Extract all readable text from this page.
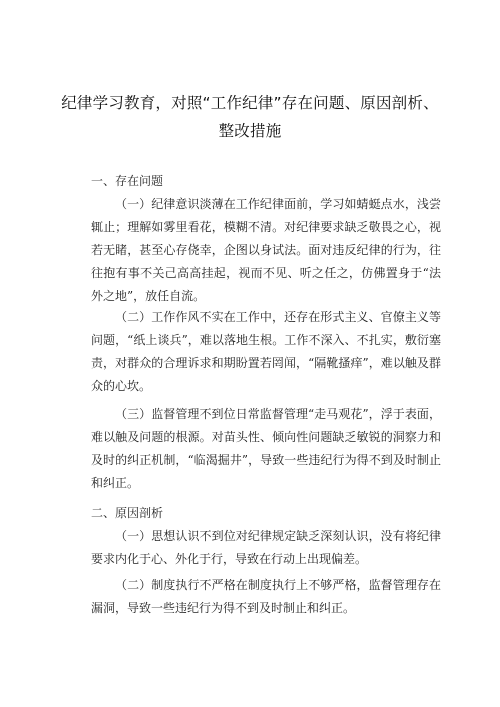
纪律学习教育，对照“工作纪律”存在问题、原因剖析、
整改措施
一、存在问题
（一）纪律意识淡薄在工作纪律面前，学习如蜻蜓点水，浅尝辄止；理解如雾里看花，模糊不清。对纪律要求缺乏敬畏之心，视若无睹，甚至心存侥幸，企图以身试法。面对违反纪律的行为，往往抱有事不关己高高挂起，视而不见、听之任之，仿佛置身于“法外之地”，放任自流。
（二）工作作风不实在工作中，还存在形式主义、官僚主义等问题，“纸上谈兵”，难以落地生根。工作不深入、不扎实，敷衍塞责，对群众的合理诉求和期盼置若罔闻，“隔靴搔痒”，难以触及群众的心坎。
（三）监督管理不到位日常监督管理“走马观花”，浮于表面，难以触及问题的根源。对苗头性、倾向性问题缺乏敏锐的洞察力和及时的纠正机制，“临渴掘井”，导致一些违纪行为得不到及时制止和纠正。
二、原因剖析
（一）思想认识不到位对纪律规定缺乏深刻认识，没有将纪律要求内化于心、外化于行，导致在行动上出现偏差。
（二）制度执行不严格在制度执行上不够严格，监督管理存在漏洞，导致一些违纪行为得不到及时制止和纠正。
